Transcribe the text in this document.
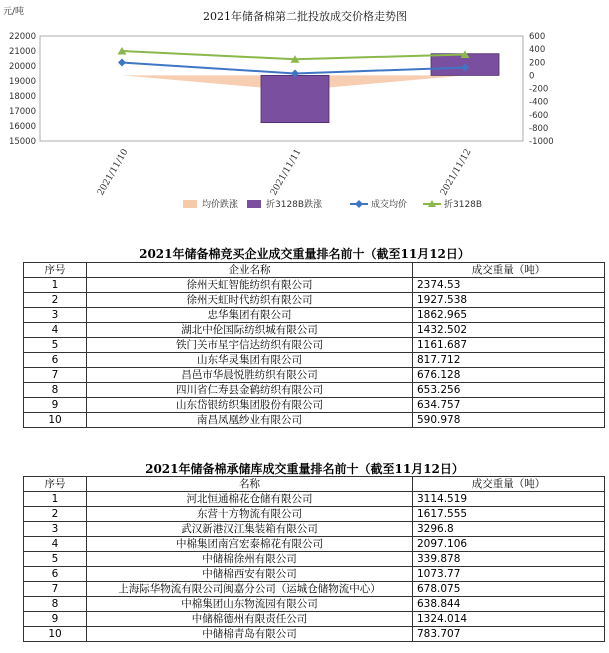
2021年储备棉第二批投放成交价格走势图
元/吨
22000
21000
20000
19000
18000
17000
16000
15000
600
400
200
0
-200
-400
-600
-800
-1000
2021/11/10	2021/11/11	2021/11/12
均价跌涨	折3128B跌涨	成交均价	折3128B
2021年储备棉竞买企业成交重量排名前十（截至11月12日）
序号	企业名称	成交重量（吨）
1	徐州天虹智能纺织有限公司	2374.53
2	徐州天虹时代纺织有限公司	1927.538
3	忠华集团有限公司	1862.965
4	湖北中伦国际纺织城有限公司	1432.502
5	铁门关市星宇信达纺织有限公司	1161.687
6	山东华灵集团有限公司	817.712
7	昌邑市华晨悦胜纺织有限公司	676.128
8	四川省仁寿县金鹤纺织有限公司	653.256
9	山东岱银纺织集团股份有限公司	634.757
10	南昌凤凰纱业有限公司	590.978
2021年储备棉承储库成交重量排名前十（截至11月12日）
序号	名称	成交重量（吨）
1	河北恒通棉花仓储有限公司	3114.519
2	东营十方物流有限公司	1617.555
3	武汉新港汉江集装箱有限公司	3296.8
4	中棉集团南宫宏泰棉花有限公司	2097.106
5	中储棉徐州有限公司	339.878
6	中储棉西安有限公司	1073.77
7	上海际华物流有限公司闽嘉分公司（运城仓储物流中心）	678.075
8	中棉集团山东物流园有限公司	638.844
9	中储棉德州有限责任公司	1324.014
10	中储棉青岛有限公司	783.707
